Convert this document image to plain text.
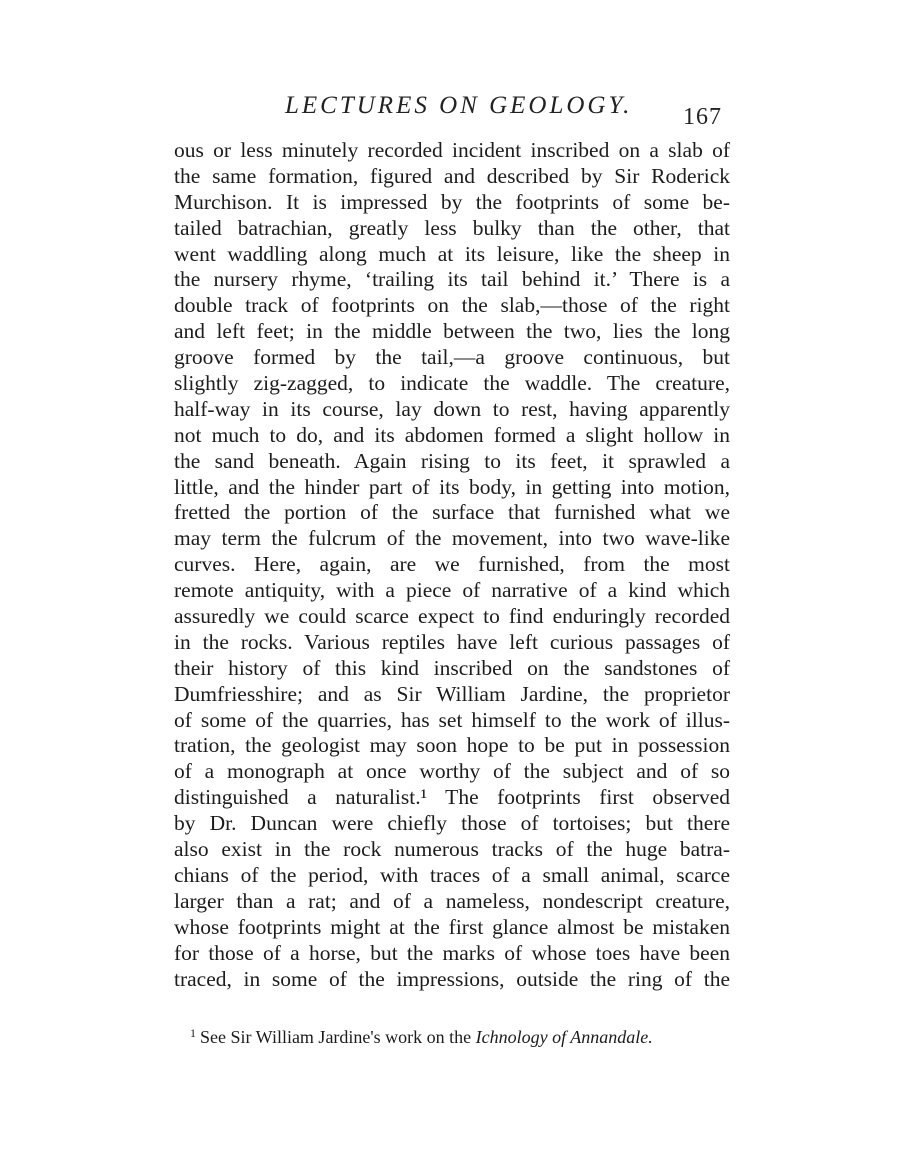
LECTURES ON GEOLOGY. 167
ous or less minutely recorded incident inscribed on a slab of
the same formation, figured and described by Sir Roderick
Murchison. It is impressed by the footprints of some be-
tailed batrachian, greatly less bulky than the other, that
went waddling along much at its leisure, like the sheep in
the nursery rhyme, ‘trailing its tail behind it.’ There is a
double track of footprints on the slab,—those of the right
and left feet; in the middle between the two, lies the long
groove formed by the tail,—a groove continuous, but
slightly zig-zagged, to indicate the waddle. The creature,
half-way in its course, lay down to rest, having apparently
not much to do, and its abdomen formed a slight hollow in
the sand beneath. Again rising to its feet, it sprawled a
little, and the hinder part of its body, in getting into motion,
fretted the portion of the surface that furnished what we
may term the fulcrum of the movement, into two wave-like
curves. Here, again, are we furnished, from the most
remote antiquity, with a piece of narrative of a kind which
assuredly we could scarce expect to find enduringly recorded
in the rocks. Various reptiles have left curious passages of
their history of this kind inscribed on the sandstones of
Dumfriesshire; and as Sir William Jardine, the proprietor
of some of the quarries, has set himself to the work of illus-
tration, the geologist may soon hope to be put in possession
of a monograph at once worthy of the subject and of so
distinguished a naturalist.¹ The footprints first observed
by Dr. Duncan were chiefly those of tortoises; but there
also exist in the rock numerous tracks of the huge batra-
chians of the period, with traces of a small animal, scarce
larger than a rat; and of a nameless, nondescript creature,
whose footprints might at the first glance almost be mistaken
for those of a horse, but the marks of whose toes have been
traced, in some of the impressions, outside the ring of the
$^1$ See Sir William Jardine's work on the Ichnology of Annandale.
